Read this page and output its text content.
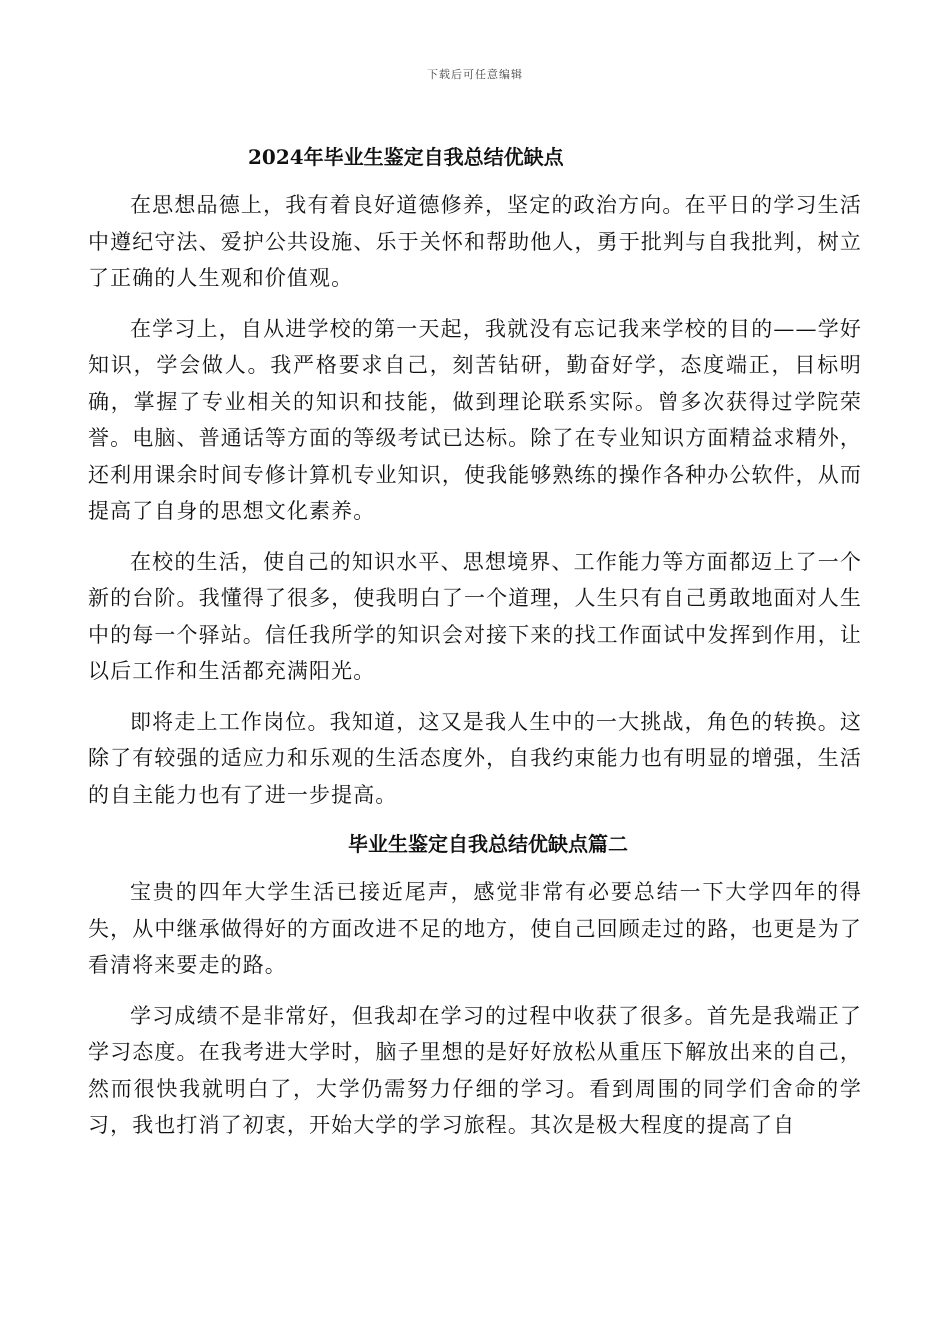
下载后可任意编辑
2024年毕业生鉴定自我总结优缺点

在思想品德上，我有着良好道德修养，坚定的政治方向。在平日的学习生活中遵纪守法、爱护公共设施、乐于关怀和帮助他人，勇于批判与自我批判，树立了正确的人生观和价值观。

在学习上，自从进学校的第一天起，我就没有忘记我来学校的目的——学好知识，学会做人。我严格要求自己，刻苦钻研，勤奋好学，态度端正，目标明确，掌握了专业相关的知识和技能，做到理论联系实际。曾多次获得过学院荣誉。电脑、普通话等方面的等级考试已达标。除了在专业知识方面精益求精外，还利用课余时间专修计算机专业知识，使我能够熟练的操作各种办公软件，从而提高了自身的思想文化素养。

在校的生活，使自己的知识水平、思想境界、工作能力等方面都迈上了一个新的台阶。我懂得了很多，使我明白了一个道理，人生只有自己勇敢地面对人生中的每一个驿站。信任我所学的知识会对接下来的找工作面试中发挥到作用，让以后工作和生活都充满阳光。

即将走上工作岗位。我知道，这又是我人生中的一大挑战，角色的转换。这除了有较强的适应力和乐观的生活态度外，自我约束能力也有明显的增强，生活的自主能力也有了进一步提高。

毕业生鉴定自我总结优缺点篇二

宝贵的四年大学生活已接近尾声，感觉非常有必要总结一下大学四年的得失，从中继承做得好的方面改进不足的地方，使自己回顾走过的路，也更是为了看清将来要走的路。

学习成绩不是非常好，但我却在学习的过程中收获了很多。首先是我端正了学习态度。在我考进大学时，脑子里想的是好好放松从重压下解放出来的自己，然而很快我就明白了，大学仍需努力仔细的学习。看到周围的同学们舍命的学习，我也打消了初衷，开始大学的学习旅程。其次是极大程度的提高了自
